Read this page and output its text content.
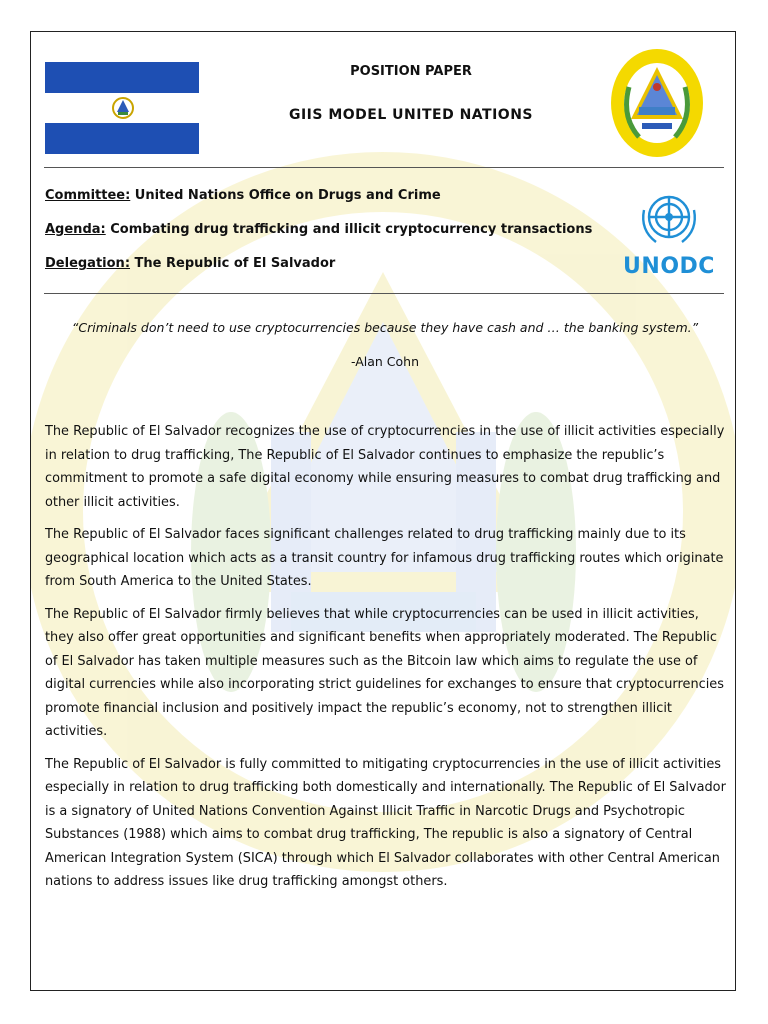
POSITION PAPER
GIIS MODEL UNITED NATIONS
Committee: United Nations Office on Drugs and Crime
Agenda: Combating drug trafficking and illicit cryptocurrency transactions
Delegation: The Republic of El Salvador	UNODC
“Criminals don’t need to use cryptocurrencies because they have cash and … the banking system.”
-Alan Cohn

The Republic of El Salvador recognizes the use of cryptocurrencies in the use of illicit activities especially in relation to drug trafficking, The Republic of El Salvador continues to emphasize the republic’s commitment to promote a safe digital economy while ensuring measures to combat drug trafficking and other illicit activities.

The Republic of El Salvador faces significant challenges related to drug trafficking mainly due to its geographical location which acts as a transit country for infamous drug trafficking routes which originate from South America to the United States.

The Republic of El Salvador firmly believes that while cryptocurrencies can be used in illicit activities, they also offer great opportunities and significant benefits when appropriately moderated. The Republic of El Salvador has taken multiple measures such as the Bitcoin law which aims to regulate the use of digital currencies while also incorporating strict guidelines for exchanges to ensure that cryptocurrencies promote financial inclusion and positively impact the republic’s economy, not to strengthen illicit activities.

The Republic of El Salvador is fully committed to mitigating cryptocurrencies in the use of illicit activities especially in relation to drug trafficking both domestically and internationally. The Republic of El Salvador is a signatory of United Nations Convention Against Illicit Traffic in Narcotic Drugs and Psychotropic Substances (1988) which aims to combat drug trafficking, The republic is also a signatory of Central American Integration System (SICA) through which El Salvador collaborates with other Central American nations to address issues like drug trafficking amongst others.
